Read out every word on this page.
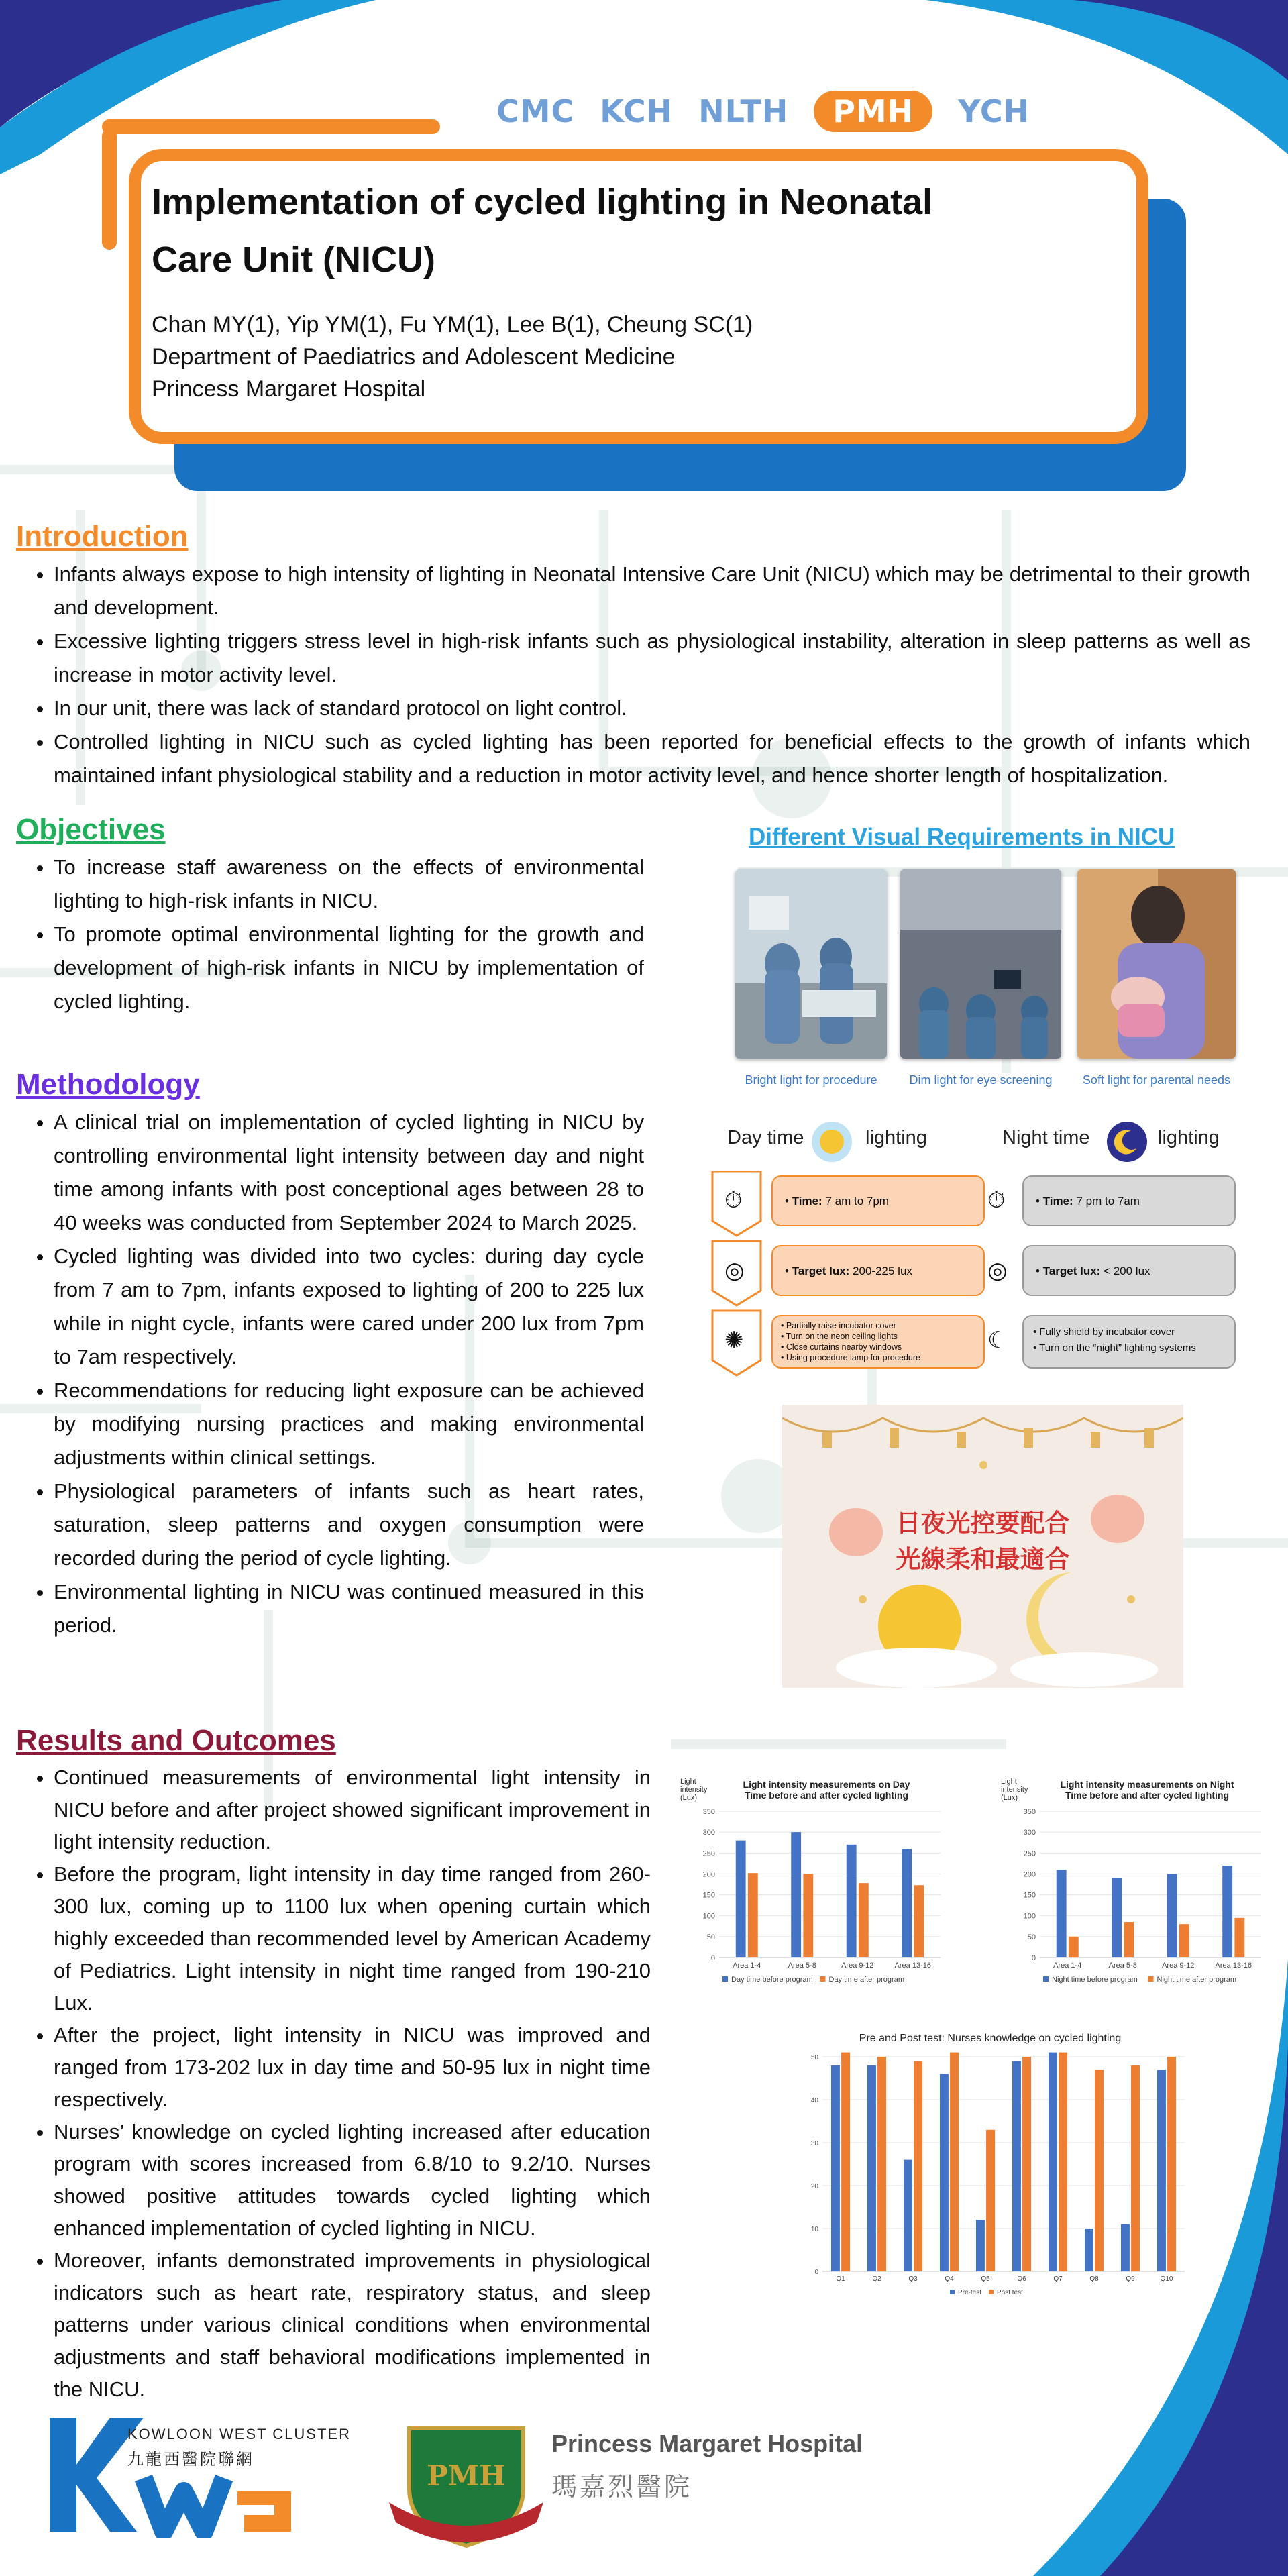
CMC KCH NLTH	PMH	YCH
Implementation of cycled lighting in Neonatal
Care Unit (NICU)
Chan MY(1), Yip YM(1), Fu YM(1), Lee B(1), Cheung SC(1)
Department of Paediatrics and Adolescent Medicine
Princess Margaret Hospital
Introduction
• Infants always expose to high intensity of lighting in Neonatal Intensive Care Unit (NICU) which may be detrimental to their growth and development.
• Excessive lighting triggers stress level in high-risk infants such as physiological instability, alteration in sleep patterns as well as increase in motor activity level.
• In our unit, there was lack of standard protocol on light control.
• Controlled lighting in NICU such as cycled lighting has been reported for beneficial effects to the growth of infants which maintained infant physiological stability and a reduction in motor activity level, and hence shorter length of hospitalization.
Objectives
• To increase staff awareness on the effects of environmental lighting to high-risk infants in NICU.
• To promote optimal environmental lighting for the growth and development of high-risk infants in NICU by implementation of cycled lighting.
Different Visual Requirements in NICU
Bright light for procedure	Dim light for eye screening	Soft light for parental needs
Methodology
• A clinical trial on implementation of cycled lighting in NICU by controlling environmental light intensity between day and night time among infants with post conceptional ages between 28 to 40 weeks was conducted from September 2024 to March 2025.
• Cycled lighting was divided into two cycles: during day cycle from 7 am to 7pm, infants exposed to lighting of 200 to 225 lux while in night cycle, infants were cared under 200 lux from 7pm to 7am respectively.
• Recommendations for reducing light exposure can be achieved by modifying nursing practices and making environmental adjustments within clinical settings.
• Physiological parameters of infants such as heart rates, saturation, sleep patterns and oxygen consumption were recorded during the period of cycle lighting.
• Environmental lighting in NICU was continued measured in this period.
Day time	lighting	Night time	lighting
⏱
◎
✺
• Time: 7 am to 7pm
• Target lux: 200-225 lux
• Partially raise incubator cover
• Turn on the neon ceiling lights
• Close curtains nearby windows
• Using procedure lamp for procedure
⏱
◎
☾
• Time: 7 pm to 7am
• Target lux: < 200 lux
• Fully shield by incubator cover
• Turn on the “night” lighting systems
日夜光控要配合
光線柔和最適合
Results and Outcomes
• Continued measurements of environmental light intensity in NICU before and after project showed significant improvement in light intensity reduction.
• Before the program, light intensity in day time ranged from 260-300 lux, coming up to 1100 lux when opening curtain which highly exceeded than recommended level by American Academy of Pediatrics. Light intensity in night time ranged from 190-210 Lux.
• After the project, light intensity in NICU was improved and ranged from 173-202 lux in day time and 50-95 lux in night time respectively.
• Nurses’ knowledge on cycled lighting increased after education program with scores increased from 6.8/10 to 9.2/10. Nurses showed positive attitudes towards cycled lighting which enhanced implementation of cycled lighting in NICU.
• Moreover, infants demonstrated improvements in physiological indicators such as heart rate, respiratory status, and sleep patterns under various clinical conditions when environmental adjustments and staff behavioral modifications implemented in the NICU.
Light intensity (Lux)
Light intensity measurements on Day Time before and after cycled lighting
0
50
100
150
200
250
300
350
Area 1-4	Area 5-8	Area 9-12	Area 13-16
Day time before program Day time after program
Light intensity (Lux)
Light intensity measurements on Night Time before and after cycled lighting
0
50
100
150
200
250
300
350
Area 1-4	Area 5-8	Area 9-12	Area 13-16
Night time before program	Night time after program
Pre and Post test: Nurses knowledge on cycled lighting
0
10
20
30
40
50
Q1	Q2	Q3	Q4	Q5	Q6	Q7	Q8	Q9	Q10
Pre-test Post test
KOWLOON WEST CLUSTER
九龍西醫院聯網	PMH
Princess Margaret Hospital
瑪嘉烈醫院
